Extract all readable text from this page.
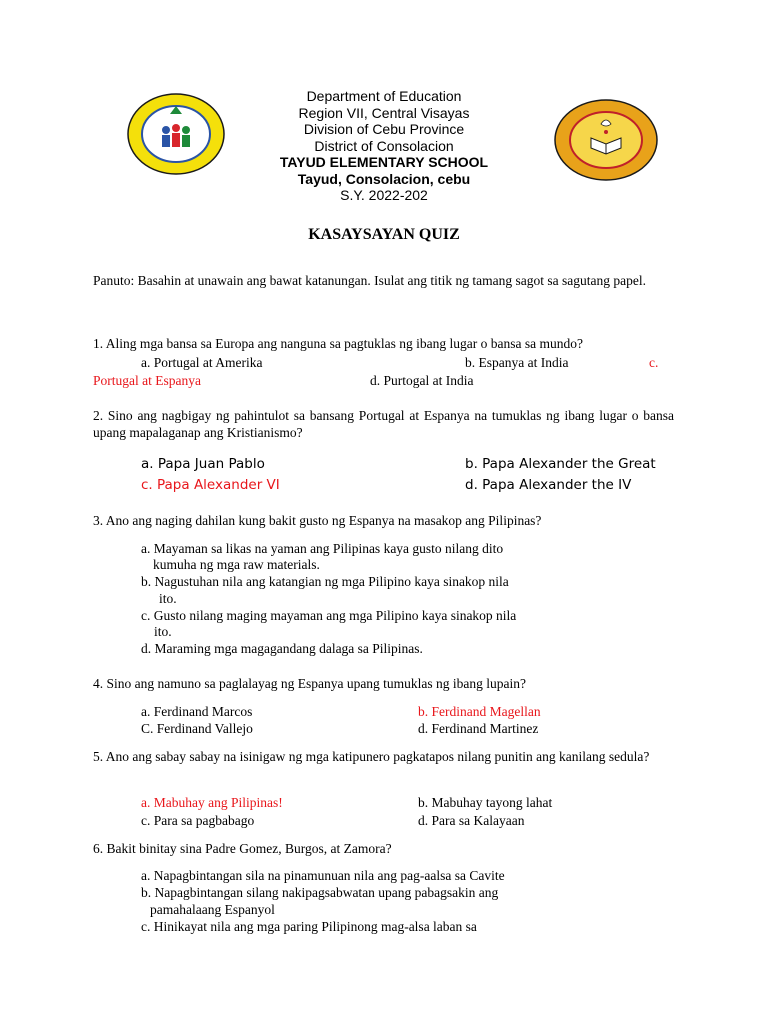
Department of Education
Region VII, Central Visayas
Division of Cebu Province
District of Consolacion
TAYUD ELEMENTARY SCHOOL
Tayud, Consolacion, cebu
S.Y. 2022-202
KASAYSAYAN QUIZ
Panuto: Basahin at unawain ang bawat katanungan. Isulat ang titik ng tamang sagot sa sagutang papel.
1. Aling mga bansa sa Europa ang nanguna sa pagtuklas ng ibang lugar o bansa sa mundo?
a. Portugal at Amerika	b. Espanya at India	c.
Portugal at Espanya	d. Purtogal at India
2. Sino ang nagbigay ng pahintulot sa bansang Portugal at Espanya na tumuklas ng ibang lugar o bansa upang mapalaganap ang Kristianismo?
a. Papa Juan Pablo	b. Papa Alexander the Great
c. Papa Alexander VI	d. Papa Alexander the IV
3. Ano ang naging dahilan kung bakit gusto ng Espanya na masakop ang Pilipinas?
a. Mayaman sa likas na yaman ang Pilipinas kaya gusto nilang dito
kumuha ng mga raw materials.
b. Nagustuhan nila ang katangian ng mga Pilipino kaya sinakop nila
ito.
c. Gusto nilang maging mayaman ang mga Pilipino kaya sinakop nila
ito.
d. Maraming mga magagandang dalaga sa Pilipinas.
4. Sino ang namuno sa paglalayag ng Espanya upang tumuklas ng ibang lupain?
a. Ferdinand Marcos	b. Ferdinand Magellan
C. Ferdinand Vallejo	d. Ferdinand Martinez
5. Ano ang sabay sabay na isinigaw ng mga katipunero pagkatapos nilang punitin ang kanilang sedula?
a. Mabuhay ang Pilipinas!	b. Mabuhay tayong lahat
c. Para sa pagbabago	d. Para sa Kalayaan
6. Bakit binitay sina Padre Gomez, Burgos, at Zamora?
a. Napagbintangan sila na pinamunuan nila ang pag-aalsa sa Cavite
b. Napagbintangan silang nakipagsabwatan upang pabagsakin ang
pamahalaang Espanyol
c. Hinikayat nila ang mga paring Pilipinong mag-alsa laban sa
